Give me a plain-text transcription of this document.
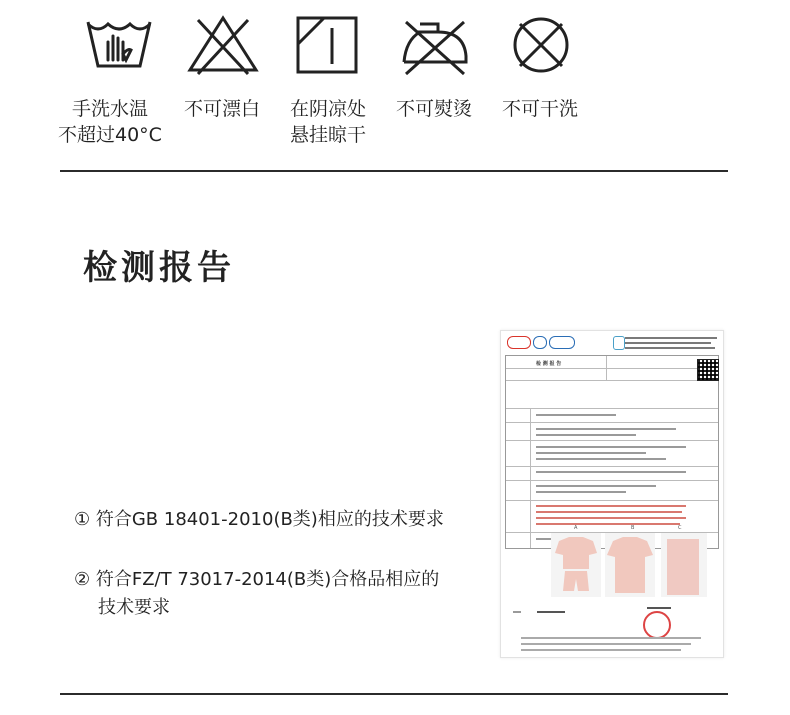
手洗水温
不超过40°C
不可漂白 在阴凉处
悬挂晾干
不可熨烫 不可干洗
检测报告
① 符合GB 18401-2010(B类)相应的技术要求
② 符合FZ/T 73017-2014(B类)合格品相应的
技术要求
检 测 报 告
A	B	C
